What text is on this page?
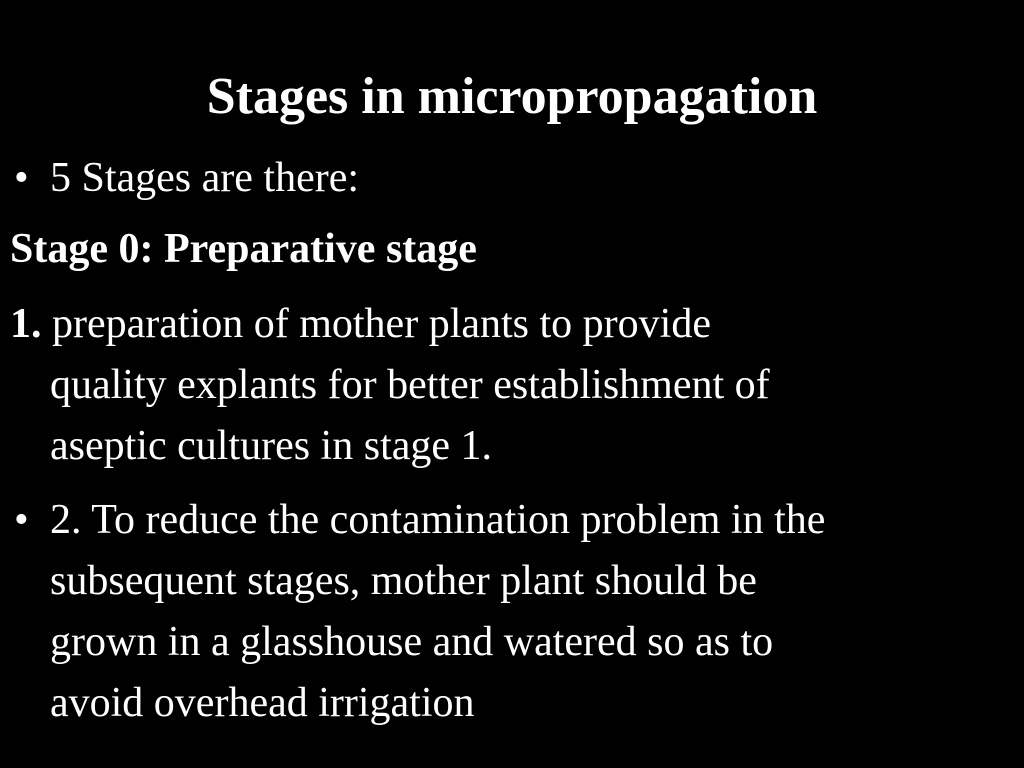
Stages in micropropagation
• 5 Stages are there:

Stage 0: Preparative stage

1. preparation of mother plants to provide

quality explants for better establishment of

aseptic cultures in stage 1.

• 2. To reduce the contamination problem in the

subsequent stages, mother plant should be

grown in a glasshouse and watered so as to

avoid overhead irrigation
